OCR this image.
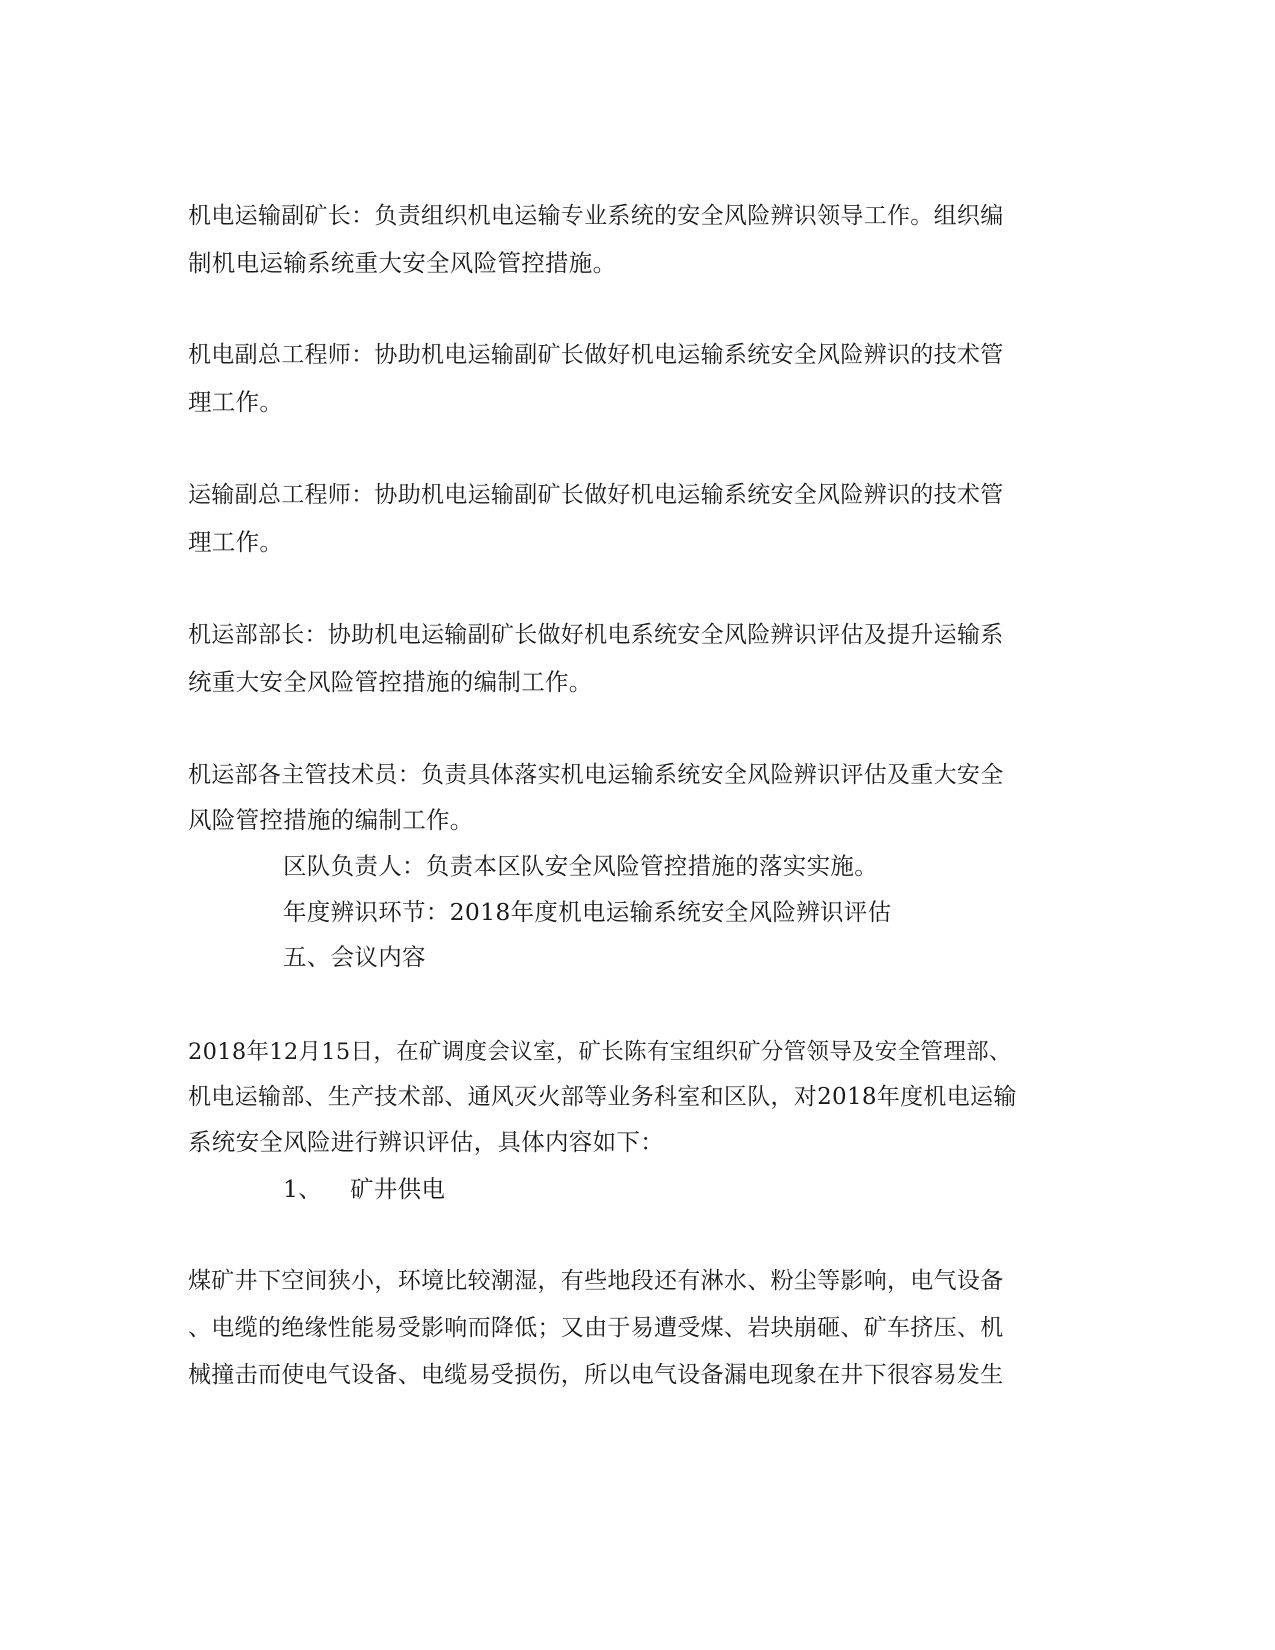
机电运输副矿长：负责组织机电运输专业系统的安全风险辨识领导工作。组织编

制机电运输系统重大安全风险管控措施。

机电副总工程师：协助机电运输副矿长做好机电运输系统安全风险辨识的技术管

理工作。

运输副总工程师：协助机电运输副矿长做好机电运输系统安全风险辨识的技术管

理工作。

机运部部长：协助机电运输副矿长做好机电系统安全风险辨识评估及提升运输系

统重大安全风险管控措施的编制工作。

机运部各主管技术员：负责具体落实机电运输系统安全风险辨识评估及重大安全

风险管控措施的编制工作。

区队负责人：负责本区队安全风险管控措施的落实实施。

年度辨识环节：2018年度机电运输系统安全风险辨识评估

五、会议内容

2018年12月15日，在矿调度会议室，矿长陈有宝组织矿分管领导及安全管理部、

机电运输部、生产技术部、通风灭火部等业务科室和区队，对2018年度机电运输

系统安全风险进行辨识评估，具体内容如下：

1、 矿井供电

煤矿井下空间狭小，环境比较潮湿，有些地段还有淋水、粉尘等影响，电气设备

、电缆的绝缘性能易受影响而降低；又由于易遭受煤、岩块崩砸、矿车挤压、机

械撞击而使电气设备、电缆易受损伤，所以电气设备漏电现象在井下很容易发生
